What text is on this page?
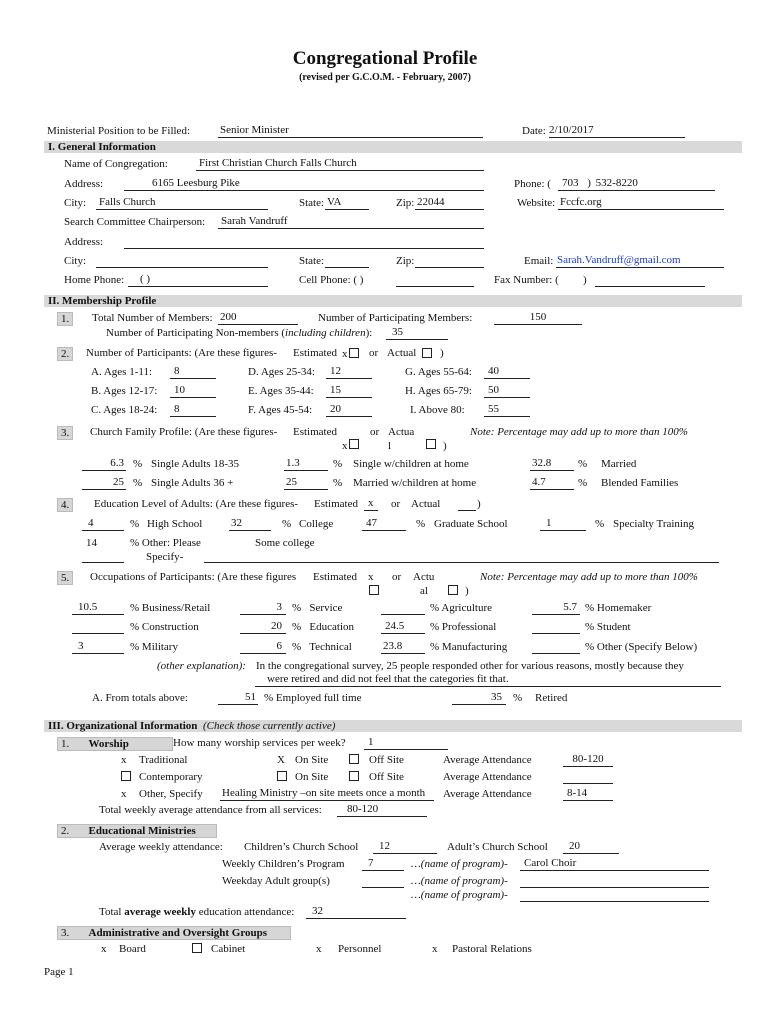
Congregational Profile
(revised per G.C.O.M. - February, 2007)
Ministerial Position to be Filled:	Senior Minister	Date: 2/10/2017
I. General Information
Name of Congregation:	First Christian Church Falls Church
Address:	6165 Leesburg Pike	Phone: (	703 ) 532-8220
City: Falls Church	State: VA	Zip: 22044	Website: Fccfc.org
Search Committee Chairperson: Sarah Vandruff
Address:
City:	State:	Zip:	Email: Sarah.Vandruff@gmail.com
Home Phone:	( )	Cell Phone: ( )	Fax Number: ( )
II. Membership Profile
1.	Total Number of Members: 200	Number of Participating Members:	150
Number of Participating Non-members (including children):	35
2.	Number of Participants: (Are these figures- Estimated x or Actual )
A. Ages 1-11:	8	D. Ages 25-34:	12	G. Ages 55-64:	40
B. Ages 12-17:	10	E. Ages 35-44:	15	H. Ages 65-79:	50
C. Ages 18-24:	8	F. Ages 45-54:	20	I. Above 80:	55
3.	Church Family Profile: (Are these figures- Estimated
x
or Actua
l	)
Note: Percentage may add up to more than 100%
6.3 % Single Adults 18-35	1.3	% Single w/children at home	32.8	% Married
25 % Single Adults 36 +	25	% Married w/children at home	4.7	% Blended Families
4.	Education Level of Adults: (Are these figures- Estimated x	or Actual	)
4	% High School	32	% College	47	% Graduate School	1	% Specialty Training
14	% Other: Please
Specify-
Some college
5.	Occupations of Participants: (Are these figures Estimated x or Actu
al	)
Note: Percentage may add up to more than 100%
10.5	% Business/Retail	3 % Service	% Agriculture	5.7 % Homemaker
% Construction	20 % Education	24.5	% Professional	% Student
3	% Military	6 % Technical	23.8	% Manufacturing	% Other (Specify Below)
(other explanation): In the congregational survey, 25 people responded other for various reasons, mostly because they
were retired and did not feel that the categories fit that.
A. From totals above:	51 % Employed full time	35	% Retired
III. Organizational Information (Check those currently active)
1. Worship	How many worship services per week?	1
x Traditional	X On Site	Off Site	Average Attendance	80-120
Contemporary	On Site	Off Site	Average Attendance
x Other, Specify Healing Ministry –on site meets once a month	Average Attendance	8-14
Total weekly average attendance from all services:	80-120
2. Educational Ministries
Average weekly attendance: Children’s Church School	12	Adult’s Church School	20
Weekly Children’s Program	7	…(name of program)-	Carol Choir
Weekday Adult group(s)	…(name of program)-
…(name of program)-
Total average weekly education attendance:	32
3. Administrative and Oversight Groups
x Board	Cabinet	x Personnel	x Pastoral Relations
Page 1
